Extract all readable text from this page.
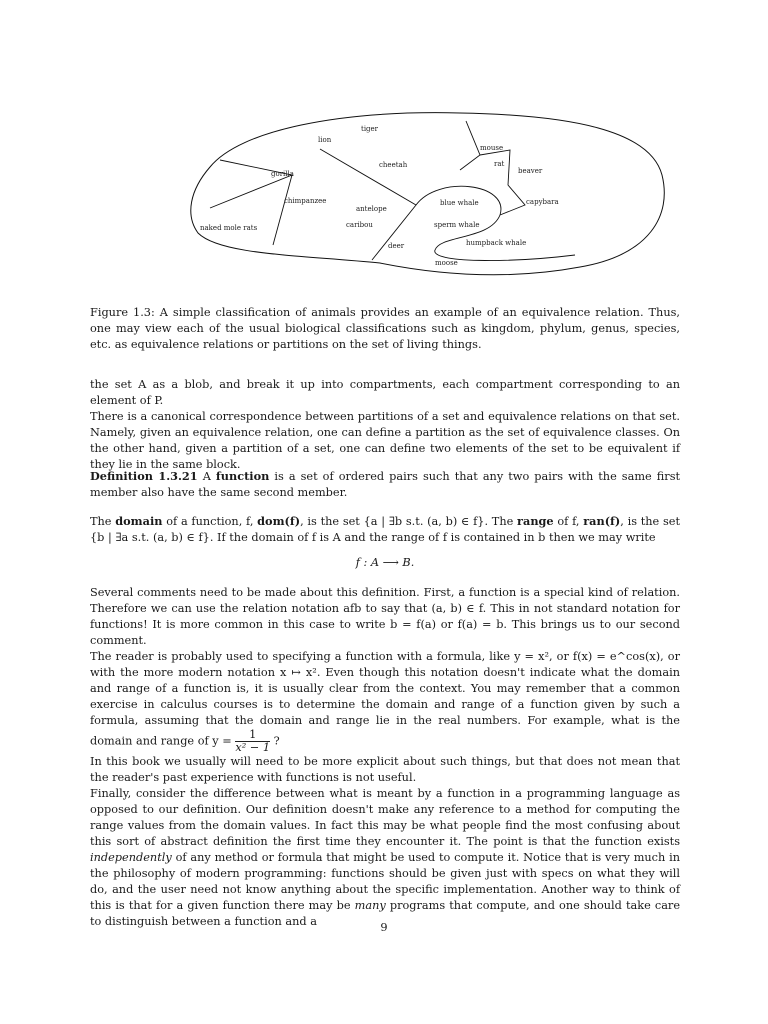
tiger
lion
mouse
rat
beaver
cheetah
gorilla
chimpanzee
antelope
blue whale	capybara
naked mole rats	caribou	sperm whale
humpback whale
deer
moose

Figure 1.3: A simple classification of animals provides an example of an equivalence relation. Thus, one may view each of the usual biological classifications such as kingdom, phylum, genus, species, etc. as equivalence relations or partitions on the set of living things.

the set A as a blob, and break it up into compartments, each compartment corresponding to an element of P.

There is a canonical correspondence between partitions of a set and equivalence relations on that set. Namely, given an equivalence relation, one can define a partition as the set of equivalence classes. On the other hand, given a partition of a set, one can define two elements of the set to be equivalent if they lie in the same block.

Definition 1.3.21 A function is a set of ordered pairs such that any two pairs with the same first member also have the same second member.

The domain of a function, f, dom(f), is the set {a | ∃b s.t. (a, b) ∈ f}. The range of f, ran(f), is the set {b | ∃a s.t. (a, b) ∈ f}. If the domain of f is A and the range of f is contained in b then we may write

f : A ⟶ B.

Several comments need to be made about this definition. First, a function is a special kind of relation. Therefore we can use the relation notation afb to say that (a, b) ∈ f. This in not standard notation for functions! It is more common in this case to write b = f(a) or f(a) = b. This brings us to our second comment.

The reader is probably used to specifying a function with a formula, like y = x², or f(x) = e^cos(x), or with the more modern notation x ↦ x². Even though this notation doesn't indicate what the domain and range of a function is, it is usually clear from the context. You may remember that a common exercise in calculus courses is to determine the domain and range of a function given by such a formula, assuming that the domain and range lie in the real numbers. For example, what is the domain and range of $y = \frac{1}{\text{x² − 1}}$ ?

In this book we usually will need to be more explicit about such things, but that does not mean that the reader's past experience with functions is not useful.

Finally, consider the difference between what is meant by a function in a programming language as opposed to our definition. Our definition doesn't make any reference to a method for computing the range values from the domain values. In fact this may be what people find the most confusing about this sort of abstract definition the first time they encounter it. The point is that the function exists independently of any method or formula that might be used to compute it. Notice that is very much in the philosophy of modern programming: functions should be given just with specs on what they will do, and the user need not know anything about the specific implementation. Another way to think of this is that for a given function there may be many programs that compute, and one should take care to distinguish between a function and a	9
